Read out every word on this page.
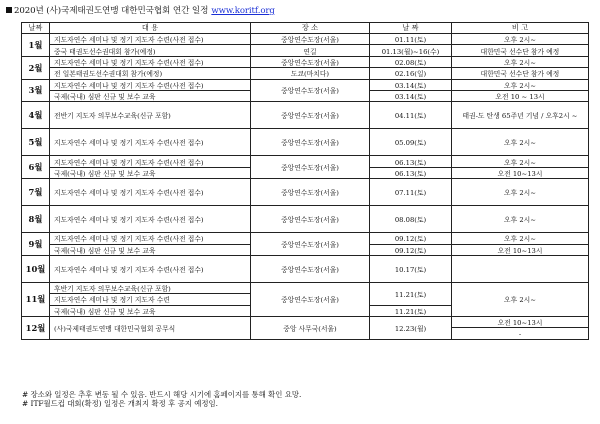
2020년 (사)국제태권도연맹 대한민국협회 연간 일정 www.koritf.org
날짜	대 용	장 소	날 짜	비 고
1월	지도자연수 세미나 및 정기 지도자 수련(사전 접수)	중앙연수도장(서울)	01.11(토)	오후 2시~
	중국 태권도선수권대회 참가(예정)	연길	01.13(월)~16(수)	대한민국 선수단 참가 예정
2월	지도자연수 세미나 및 정기 지도자 수련(사전 접수)	중앙연수도장(서울)	02.08(토)	오후 2시~
	전 일본태권도선수권대회 참가(예정)	도쿄(마치다)	02.16(일)	대한민국 선수단 참가 예정
3월	지도자연수 세미나 및 정기 지도자 수련(사전 접수)	중앙연수도장(서울)	03.14(토)	오후 2시~
	국제(국내) 심판 신규 및 보수 교육		03.14(토)	오전 10 ~ 13시
4월	전반기 지도자 의무보수교육(신규 포함)	중앙연수도장(서울)	04.11(토)	태권-도 탄생 65주년 기념 / 오후2시 ~
5월	지도자연수 세미나 및 정기 지도자 수련(사전 접수)	중앙연수도장(서울)	05.09(토)	오후 2시~
6월	지도자연수 세미나 및 정기 지도자 수련(사전 접수)	중앙연수도장(서울)	06.13(토)	오후 2시~
	국제(국내) 심판 신규 및 보수 교육		06.13(토)	오전 10~13시
7월	지도자연수 세미나 및 정기 지도자 수련(사전 접수)	중앙연수도장(서울)	07.11(토)	오후 2시~
8월	지도자연수 세미나 및 정기 지도자 수련(사전 접수)	중앙연수도장(서울)	08.08(토)	오후 2시~
9월	지도자연수 세미나 및 정기 지도자 수련(사전 접수)	중앙연수도장(서울)	09.12(토)	오후 2시~
	국제(국내) 심판 신규 및 보수 교육		09.12(토)	오전 10~13시
10월	지도자연수 세미나 및 정기 지도자 수련(사전 접수)	중앙연수도장(서울)	10.17(토)	
11월	후반기 지도자 의무보수교육(신규 포함)	중앙연수도장(서울)	11.21(토)	오후 2시~
	지도자연수 세미나 및 정기 지도자 수련			
	국제(국내) 심판 신규 및 보수 교육		11.21(토)	
12월	(사)국제태권도연맹 대한민국협회 공무식	중앙 사무국(서울)	12.23(월)	오전 10~13시
				-
# 장소와 일정은 추후 변동 될 수 있음. 반드시 해당 시기에 홈페이지를 통해 확인 요망.
# ITF월드컵 대회(확정) 일정은 개최지 확정 후 공지 예정임.
